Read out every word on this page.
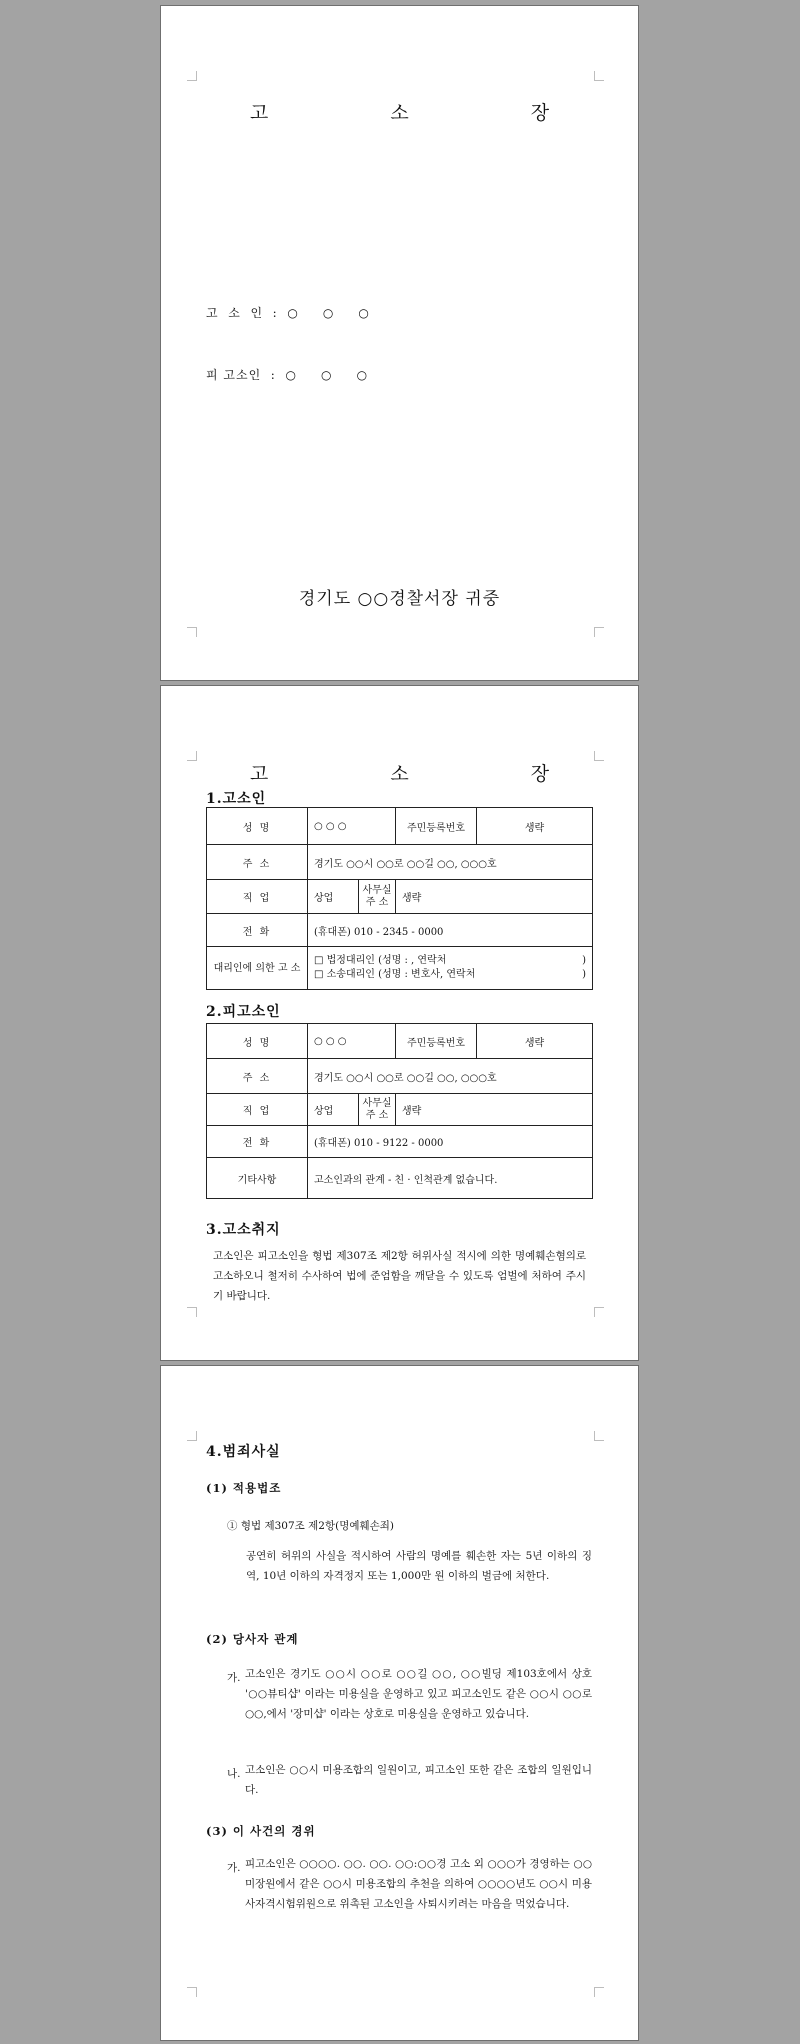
고 소 장
고  소  인  :  ○     ○     ○
피 고소인  :  ○     ○     ○
경기도 ○○경찰서장 귀중
고 소 장
1.고소인
성 명	○ ○ ○		주민등록번호	생략
주 소	경기도 ○○시 ○○로 ○○길 ○○, ○○○호			
직 업	상업	사무실 주 소	생략	
전 화	(휴대폰) 010 - 2345 - 0000			
대리인에 의한 고 소	□ 법정대리인 (성명 : , 연락처 )
□ 소송대리인 (성명 : 변호사, 연락처 )			
2.피고소인
성 명	○ ○ ○		주민등록번호	생략
주 소	경기도 ○○시 ○○로 ○○길 ○○, ○○○호			
직 업	상업	사무실 주 소	생략	
전 화	(휴대폰) 010 - 9122 - 0000			
기타사항	고소인과의 관계 - 친 · 인척관계 없습니다.			
3.고소취지
고소인은 피고소인을 형법 제307조 제2항 허위사실 적시에 의한 명예훼손혐의로 고소하오니 철저히 수사하여 법에 준엄함을 깨닫을 수 있도록 엄벌에 처하여 주시기 바랍니다.
4.범죄사실
(1) 적용법조
① 형법 제307조 제2항(명예훼손죄)
공연히 허위의 사실을 적시하여 사람의 명예를 훼손한 자는 5년 이하의 징역, 10년 이하의 자격정지 또는 1,000만 원 이하의 벌금에 처한다.
(2) 당사자 관계
가. 고소인은 경기도 ○○시 ○○로 ○○길 ○○, ○○빌딩 제103호에서 상호 '○○뷰티샵' 이라는 미용실을 운영하고 있고 피고소인도 같은 ○○시 ○○로 ○○,에서 '장미샵' 이라는 상호로 미용실을 운영하고 있습니다.
나. 고소인은 ○○시 미용조합의 일원이고, 피고소인 또한 같은 조합의 일원입니다.
(3) 이 사건의 경위
가. 피고소인은 ○○○○. ○○. ○○. ○○:○○경 고소 외 ○○○가 경영하는 ○○미장원에서 같은 ○○시 미용조합의 추천을 의하여 ○○○○년도 ○○시 미용사자격시험위원으로 위촉된 고소인을 사퇴시키려는 마음을 먹었습니다.
